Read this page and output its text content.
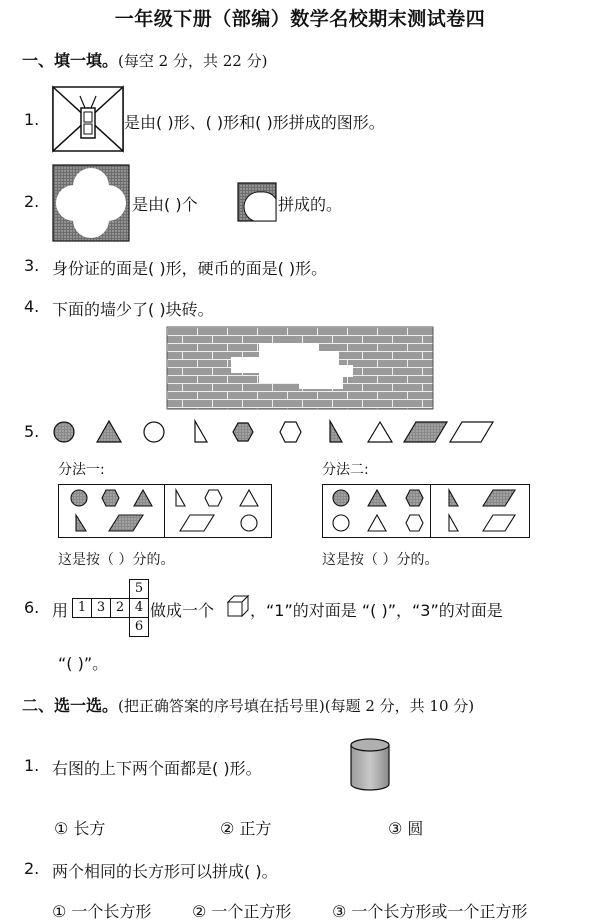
一年级下册（部编）数学名校期末测试卷四
一、填一填。(每空 2 分，共 22 分)
1.	是由( )形、( )形和( )形拼成的图形。
2.	是由( )个	拼成的。
3. 身份证的面是( )形，硬币的面是( )形。
4. 下面的墙少了( )块砖。
5.
分法一:	分法二:
这是按（ ）分的。	这是按（ ）分的。
6. 用
5
1 3 2 4
6
做成一个 ，“1”的对面是 “( )”，“3”的对面是
“( )”。
二、选一选。(把正确答案的序号填在括号里)(每题 2 分，共 10 分)
1. 右图的上下两个面都是( )形。
① 长方	② 正方	③ 圆
2. 两个相同的长方形可以拼成( )。
① 一个长方形	② 一个正方形	③ 一个长方形或一个正方形
